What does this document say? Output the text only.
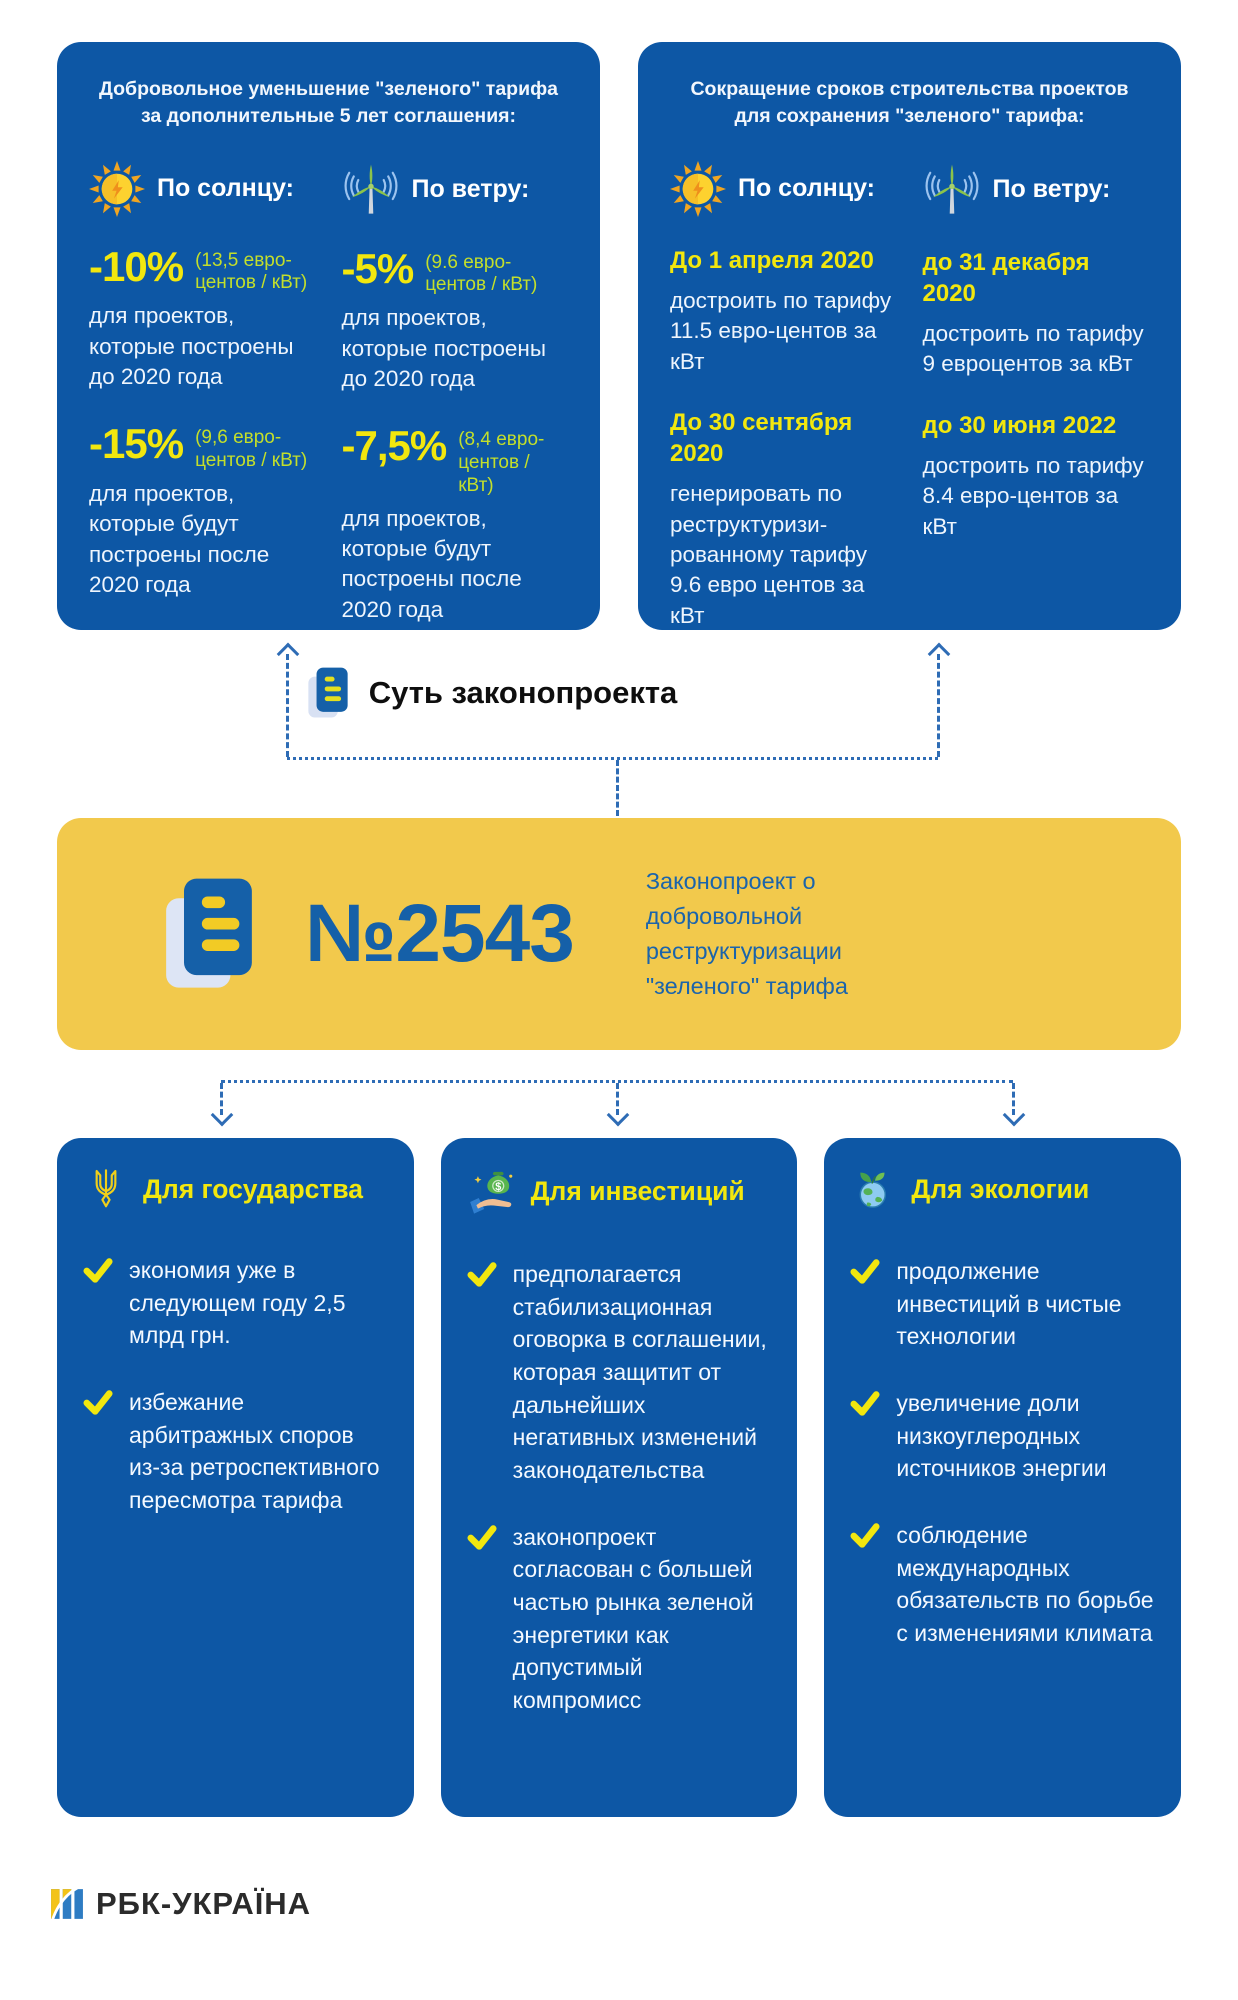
Добровольное уменьшение "зеленого" тарифа за дополнительные 5 лет соглашения:
По солнцу:
-10% (13,5 евро-центов / кВт)

для проектов, которые построены до 2020 года

-15% (9,6 евро-центов / кВт)

для проектов, которые будут построены после 2020 года

По ветру:
-5% (9.6 евро-центов / кВт)

для проектов, которые построены до 2020 года

-7,5% (8,4 евро-центов / кВт)

для проектов, которые будут построены после 2020 года

Сокращение сроков строительства проектов для сохранения "зеленого" тарифа:
По солнцу:

До 1 апреля 2020

достроить по тарифу 11.5 евро-центов за кВт

До 30 сентября 2020

генерировать по реструктуризи-рованному тарифу 9.6 евро центов за кВт

По ветру:

до 31 декабря 2020

достроить по тарифу 9 евроцентов за кВт

до 30 июня 2022

достроить по тарифу 8.4 евро-центов за кВт

Суть законопроекта
№2543
Законопроект о добровольной реструктуризации "зеленого" тарифа
Для государства

экономия уже в следующем году 2,5 млрд грн.

избежание арбитражных споров из-за ретроспективного пересмотра тарифа

$ Для инвестиций

предполагается стабилизационная оговорка в соглашении, которая защитит от дальнейших негативных изменений законодательства

законопроект согласован с большей частью рынка зеленой энергетики как допустимый компромисс

Для экологии

продолжение инвестиций в чистые технологии

увеличение доли низкоуглеродных источников энергии

соблюдение международных обязательств по борьбе с изменениями климата

РБК-УКРАЇНА
